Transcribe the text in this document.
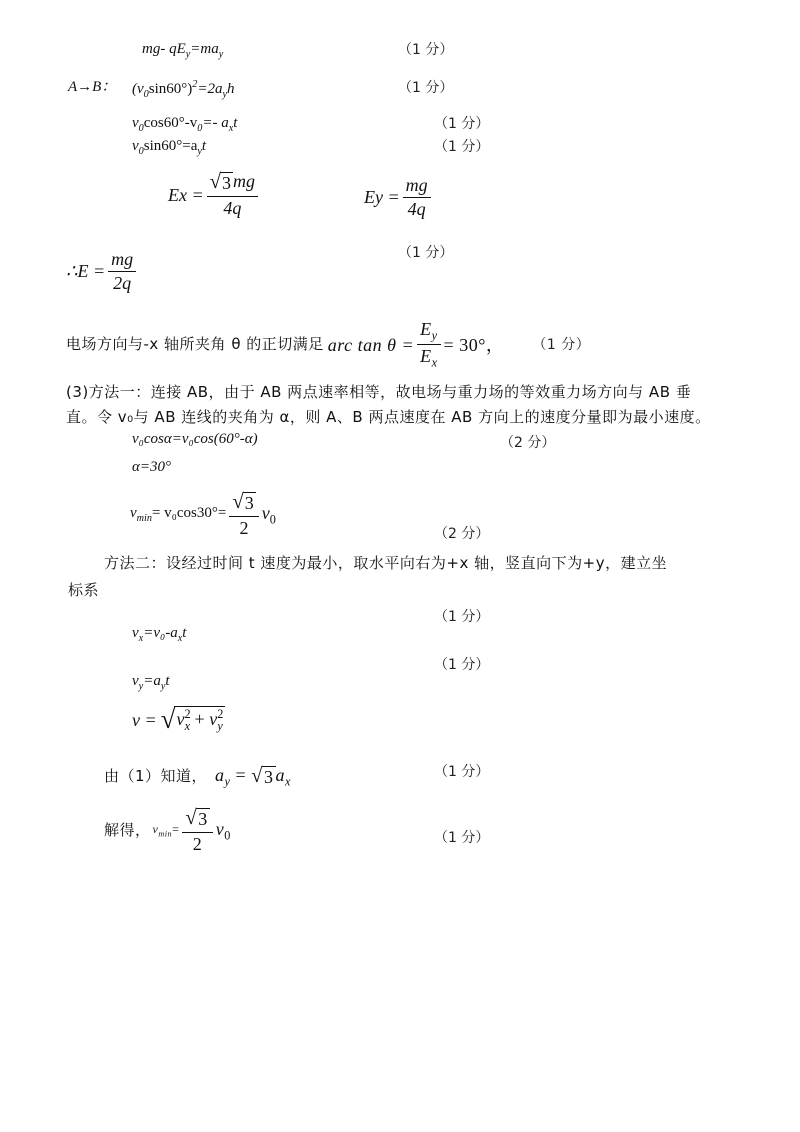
mg- $qE_y=ma_y$	（1 分）
A→B： $(v_0\sin 60^\circ)^2=2a_yh$	（1 分）
$v_0\cos 60^\circ-v_0=-$ $a_xt$	（1 分）
$v_0\sin 60^\circ=a_yt$	（1 分）
$Ex = \frac{√ 3 mg}{4q}$	$Ey = \frac{mg}{4q}$
（1 分）
∴E = $\frac{mg}{2q}$
电场方向与-x 轴所夹角 θ 的正切满足 arc $\tan \theta = \frac{E_y}{E_x} = 30^\circ$， （1 分）
(3)方法一：连接 AB，由于 AB 两点速率相等，故电场与重力场的等效重力场方向与 AB 垂
直。令 v₀与 AB 连线的夹角为 α，则 A、B 两点速度在 AB 方向上的速度分量即为最小速度。
v₀cosα=v₀cos(60°-α)	（2 分）
α=30°
$v_{min}= v_0\cos 30^\circ= \frac{√ 3}{2} v_0$
（2 分）
方法二：设经过时间 t 速度为最小，取水平向右为+x 轴，竖直向下为+y，建立坐
标系
（1 分）
$v_x=v_0-a_xt$
（1 分）
$v_y=a_yt$
v = √ $v^2_x + v^2_y$
由（1）知道， $a_y$ = √ 3 $a_x$
（1 分）
解得， $v_{min}= \frac{√ 3}{2} v_0$	（1 分）
